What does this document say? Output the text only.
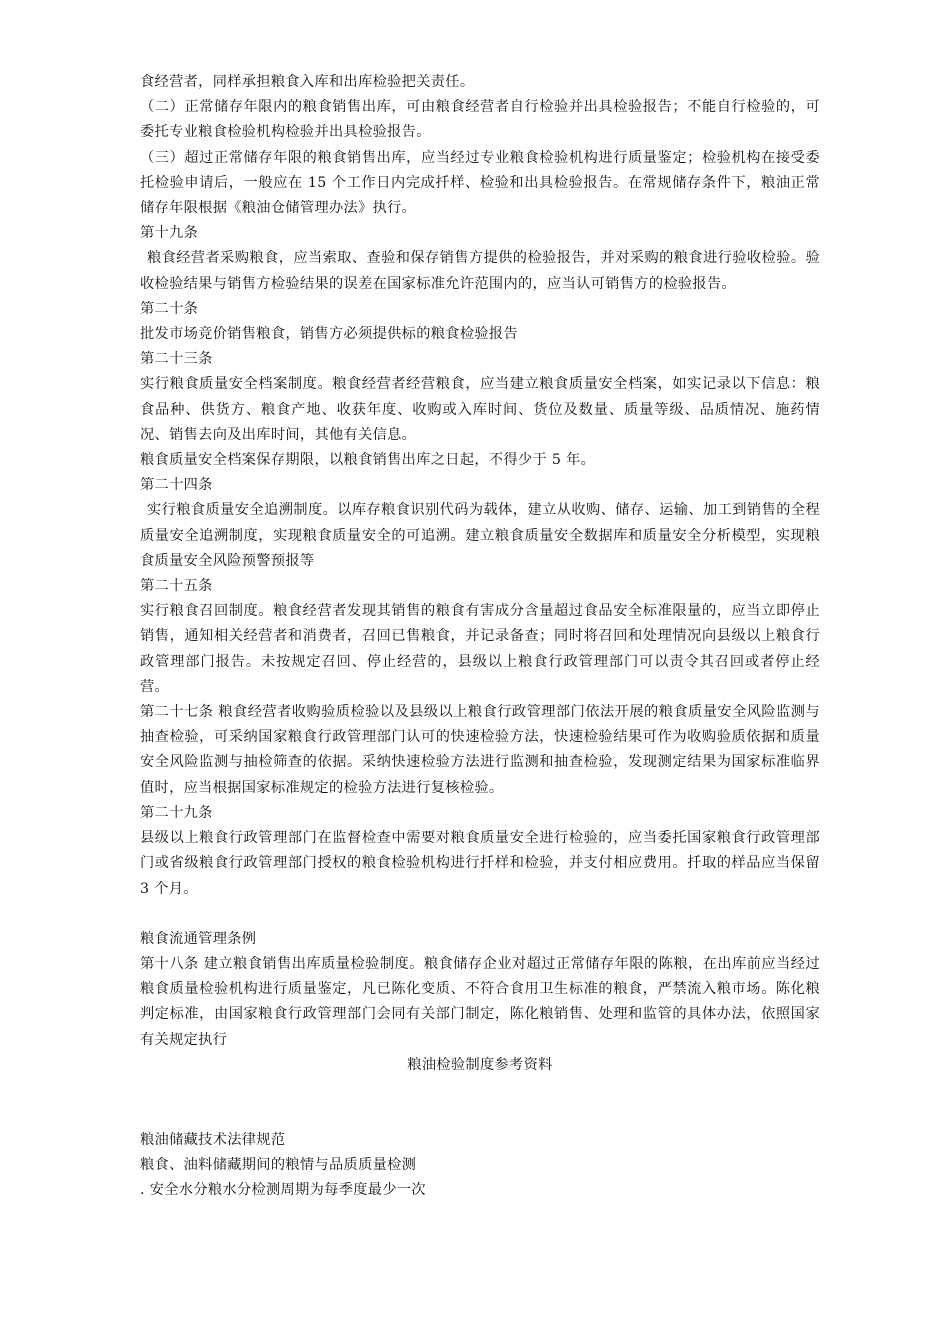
食经营者，同样承担粮食入库和出库检验把关责任。

（二）正常储存年限内的粮食销售出库，可由粮食经营者自行检验并出具检验报告；不能自行检验的，可委托专业粮食检验机构检验并出具检验报告。

（三）超过正常储存年限的粮食销售出库，应当经过专业粮食检验机构进行质量鉴定；检验机构在接受委托检验申请后，一般应在 15 个工作日内完成扦样、检验和出具检验报告。在常规储存条件下，粮油正常储存年限根据《粮油仓储管理办法》执行。

第十九条

粮食经营者采购粮食，应当索取、查验和保存销售方提供的检验报告，并对采购的粮食进行验收检验。验收检验结果与销售方检验结果的误差在国家标准允许范围内的，应当认可销售方的检验报告。

第二十条

批发市场竞价销售粮食，销售方必须提供标的粮食检验报告

第二十三条

实行粮食质量安全档案制度。粮食经营者经营粮食，应当建立粮食质量安全档案，如实记录以下信息：粮食品种、供货方、粮食产地、收获年度、收购或入库时间、货位及数量、质量等级、品质情况、施药情况、销售去向及出库时间，其他有关信息。

粮食质量安全档案保存期限，以粮食销售出库之日起，不得少于 5 年。

第二十四条

实行粮食质量安全追溯制度。以库存粮食识别代码为载体，建立从收购、储存、运输、加工到销售的全程质量安全追溯制度，实现粮食质量安全的可追溯。建立粮食质量安全数据库和质量安全分析模型，实现粮食质量安全风险预警预报等

第二十五条

实行粮食召回制度。粮食经营者发现其销售的粮食有害成分含量超过食品安全标准限量的，应当立即停止销售，通知相关经营者和消费者，召回已售粮食，并记录备查；同时将召回和处理情况向县级以上粮食行政管理部门报告。未按规定召回、停止经营的，县级以上粮食行政管理部门可以责令其召回或者停止经营。

第二十七条 粮食经营者收购验质检验以及县级以上粮食行政管理部门依法开展的粮食质量安全风险监测与抽查检验，可采纳国家粮食行政管理部门认可的快速检验方法，快速检验结果可作为收购验质依据和质量安全风险监测与抽检筛查的依据。采纳快速检验方法进行监测和抽查检验，发现测定结果为国家标准临界值时，应当根据国家标准规定的检验方法进行复核检验。

第二十九条

县级以上粮食行政管理部门在监督检查中需要对粮食质量安全进行检验的，应当委托国家粮食行政管理部门或省级粮食行政管理部门授权的粮食检验机构进行扦样和检验，并支付相应费用。扦取的样品应当保留 3 个月。

粮食流通管理条例

第十八条 建立粮食销售出库质量检验制度。粮食储存企业对超过正常储存年限的陈粮，在出库前应当经过粮食质量检验机构进行质量鉴定，凡已陈化变质、不符合食用卫生标准的粮食，严禁流入粮市场。陈化粮判定标准，由国家粮食行政管理部门会同有关部门制定，陈化粮销售、处理和监管的具体办法，依照国家有关规定执行

粮油检验制度参考资料

粮油储藏技术法律规范

粮食、油料储藏期间的粮情与品质质量检测

. 安全水分粮水分检测周期为每季度最少一次
